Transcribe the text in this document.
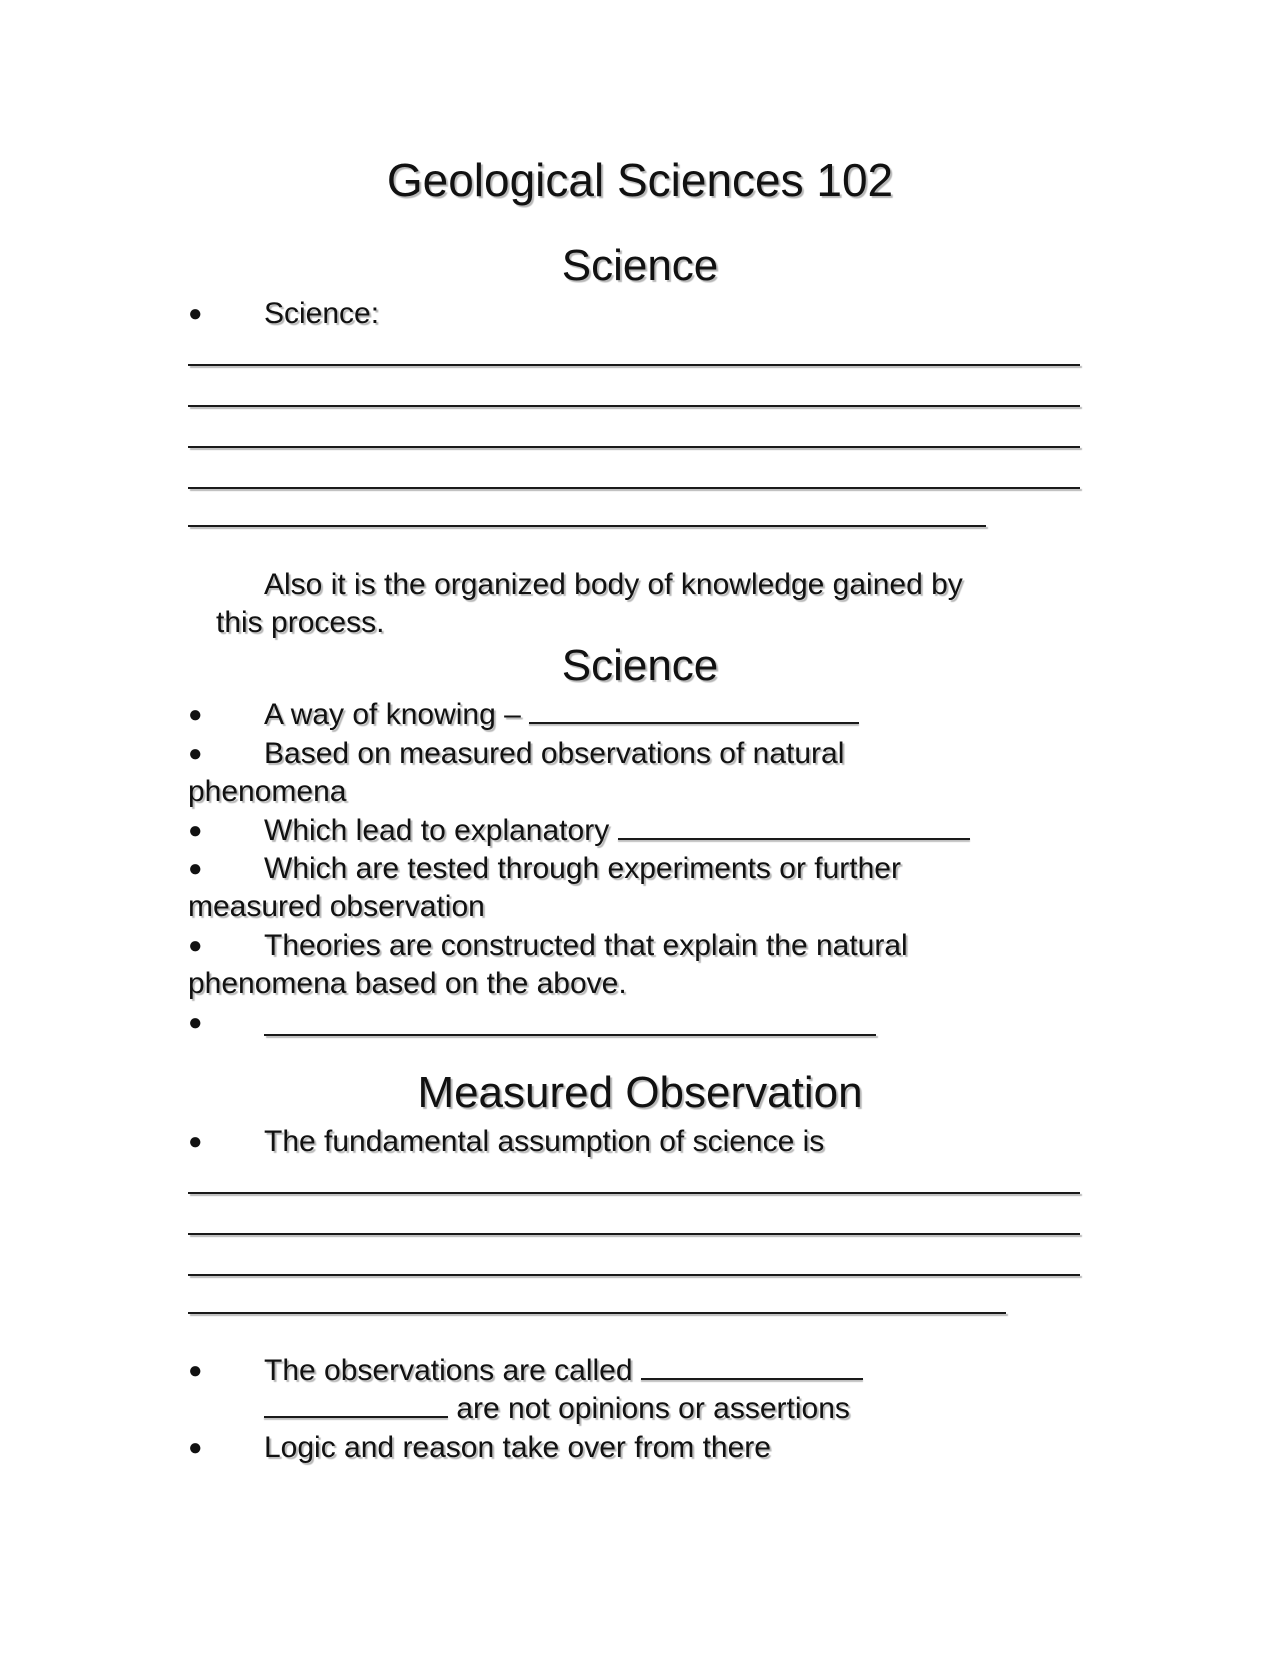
Geological Sciences 102
Science
● Science:
Also it is the organized body of knowledge gained by
this process.
Science
● A way of knowing –
● Based on measured observations of natural
phenomena
● Which lead to explanatory
● Which are tested through experiments or further
measured observation
● Theories are constructed that explain the natural
phenomena based on the above.
●
Measured Observation
● The fundamental assumption of science is
● The observations are called
are not opinions or assertions
● Logic and reason take over from there
